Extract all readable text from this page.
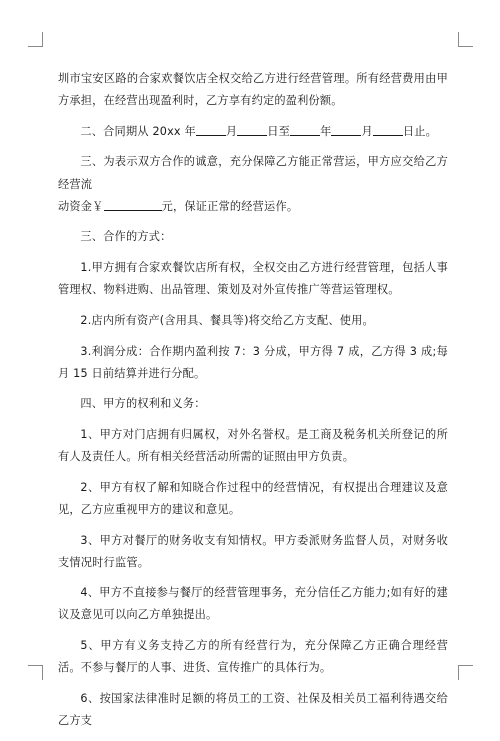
圳市宝安区路的合家欢餐饮店全权交给乙方进行经营管理。所有经营费用由甲方承担，在经营出现盈利时，乙方享有约定的盈利份额。

二、合同期从 20xx 年	月	日至	年	月	日止。

三、为表示双方合作的诚意，充分保障乙方能正常营运，甲方应交给乙方经营流

动资金￥	元，保证正常的经营运作。

三、合作的方式：

1.甲方拥有合家欢餐饮店所有权，全权交由乙方进行经营管理，包括人事管理权、物料进购、出品管理、策划及对外宣传推广等营运管理权。

2.店内所有资产(含用具、餐具等)将交给乙方支配、使用。

3.利润分成：合作期内盈利按 7：3 分成，甲方得 7 成，乙方得 3 成;每月 15 日前结算并进行分配。

四、甲方的权利和义务：

1、甲方对门店拥有归属权，对外名誉权。是工商及税务机关所登记的所有人及责任人。所有相关经营活动所需的证照由甲方负责。

2、甲方有权了解和知晓合作过程中的经营情况，有权提出合理建议及意见，乙方应重视甲方的建议和意见。

3、甲方对餐厅的财务收支有知情权。甲方委派财务监督人员，对财务收支情况时行监管。

4、甲方不直接参与餐厅的经营管理事务，充分信任乙方能力;如有好的建议及意见可以向乙方单独提出。

5、甲方有义务支持乙方的所有经营行为，充分保障乙方正确合理经营活。不参与餐厅的人事、进货、宣传推广的具体行为。

6、按国家法律准时足额的将员工的工资、社保及相关员工福利待遇交给乙方支
